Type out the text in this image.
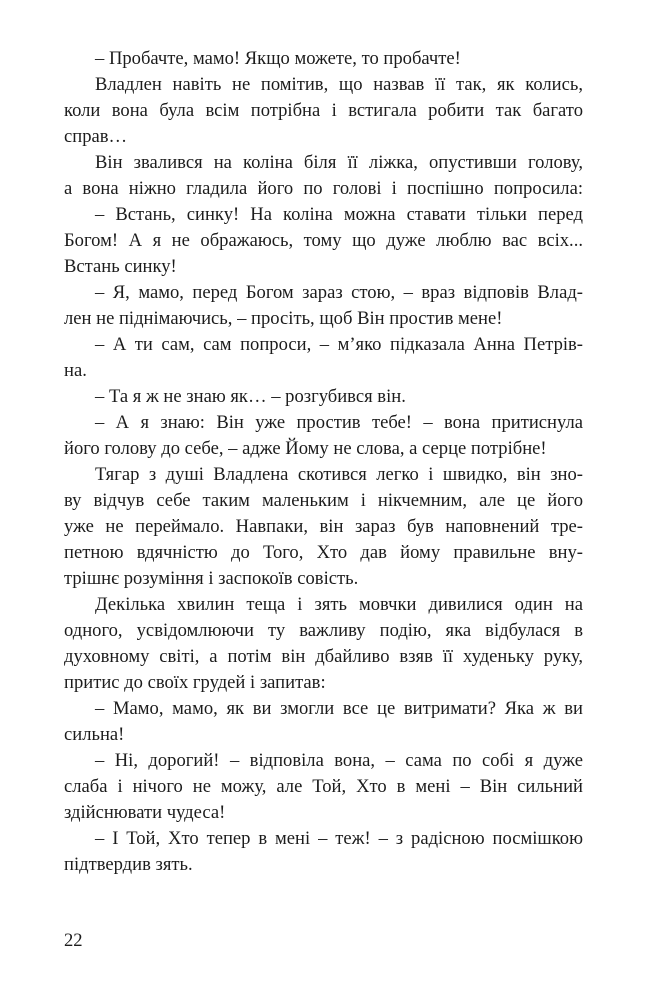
– Пробачте, мамо! Якщо можете, то пробачте!
Владлен навіть не помітив, що назвав її так, як колись,
коли вона була всім потрібна і встигала робити так багато
справ…
Він звалився на коліна біля її ліжка, опустивши голову,
а вона ніжно гладила його по голові і поспішно попросила:
– Встань, синку! На коліна можна ставати тільки перед
Богом! А я не ображаюсь, тому що дуже люблю вас всіх...
Встань синку!
– Я, мамо, перед Богом зараз стою, – враз відповів Влад-
лен не піднімаючись, – просіть, щоб Він простив мене!
– А ти сам, сам попроси, – м’яко підказала Анна Петрів-
на.
– Та я ж не знаю як… – розгубився він.
– А я знаю: Він уже простив тебе! – вона притиснула
його голову до себе, – адже Йому не слова, а серце потрібне!
Тягар з душі Владлена скотився легко і швидко, він зно-
ву відчув себе таким маленьким і нікчемним, але це його
уже не переймало. Навпаки, він зараз був наповнений тре-
петною вдячністю до Того, Хто дав йому правильне вну-
трішнє розуміння і заспокоїв совість.
Декілька хвилин теща і зять мовчки дивилися один на
одного, усвідомлюючи ту важливу подію, яка відбулася в
духовному світі, а потім він дбайливо взяв її худеньку руку,
притис до своїх грудей і запитав:
– Мамо, мамо, як ви змогли все це витримати? Яка ж ви
сильна!
– Ні, дорогий! – відповіла вона, – сама по собі я дуже
слаба і нічого не можу, але Той, Хто в мені – Він сильний
здійснювати чудеса!
– І Той, Хто тепер в мені – теж! – з радісною посмішкою
підтвердив зять.
22
